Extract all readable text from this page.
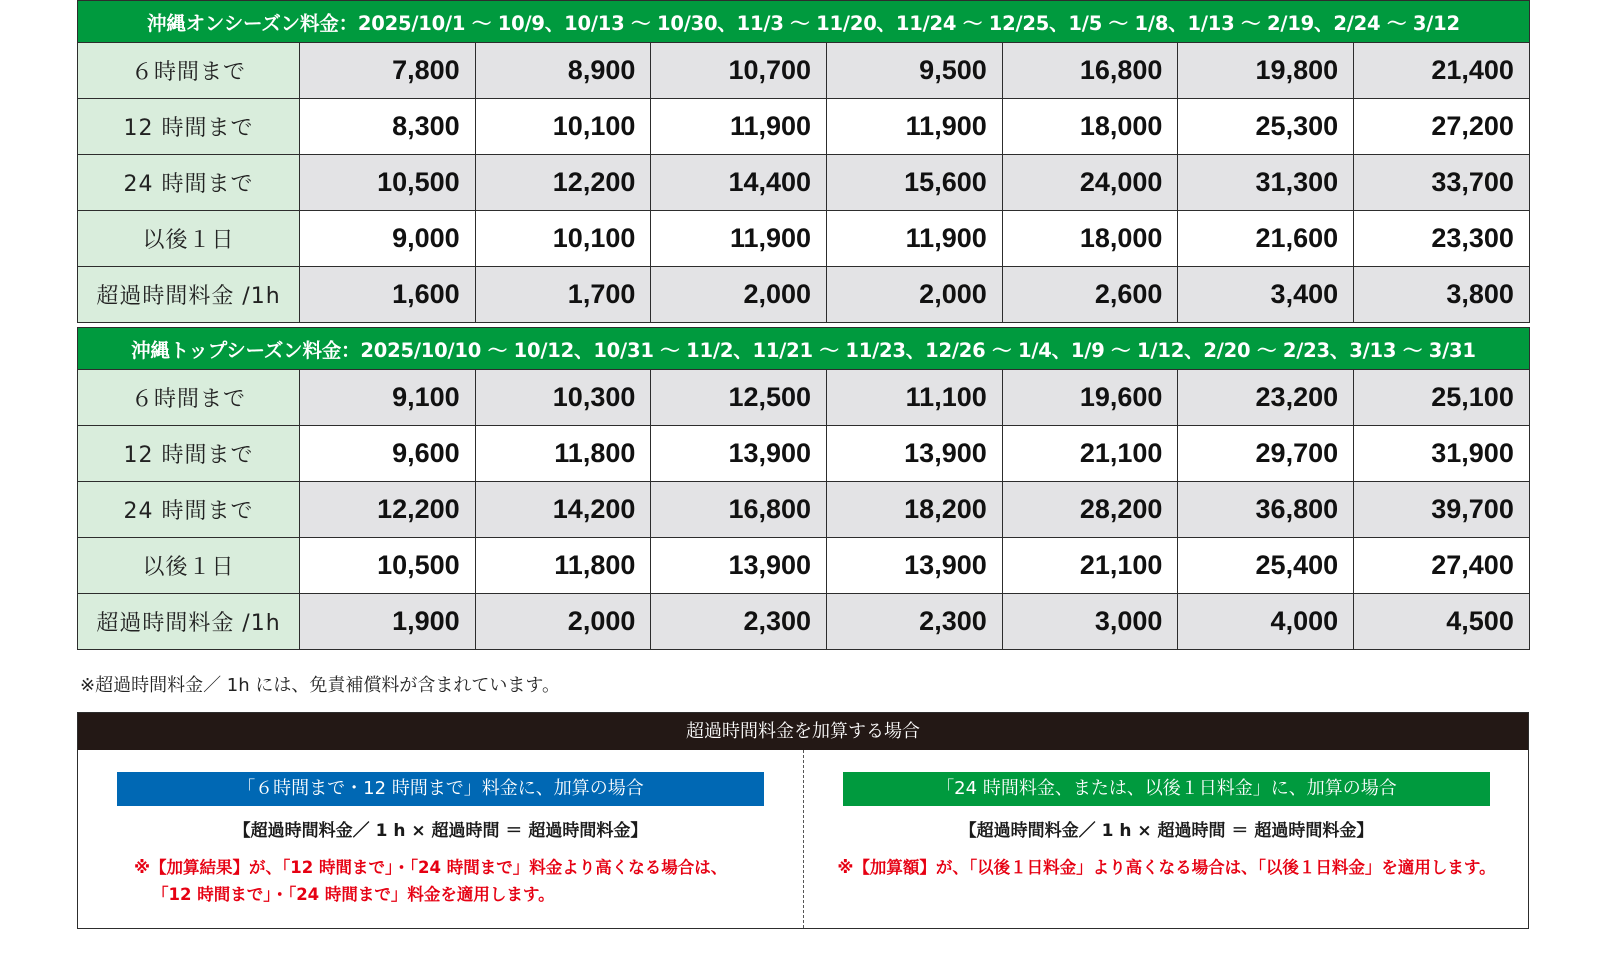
沖縄オンシーズン料金：2025/10/1 ～ 10/9、10/13 ～ 10/30、11/3 ～ 11/20、11/24 ～ 12/25、1/5 ～ 1/8、1/13 ～ 2/19、2/24 ～ 3/12							
６時間まで	7,800	8,900	10,700	9,500	16,800	19,800	21,400
12 時間まで	8,300	10,100	11,900	11,900	18,000	25,300	27,200
24 時間まで	10,500	12,200	14,400	15,600	24,000	31,300	33,700
以後１日	9,000	10,100	11,900	11,900	18,000	21,600	23,300
超過時間料金 /1h	1,600	1,700	2,000	2,000	2,600	3,400	3,800
沖縄トップシーズン料金：2025/10/10 ～ 10/12、10/31 ～ 11/2、11/21 ～ 11/23、12/26 ～ 1/4、1/9 ～ 1/12、2/20 ～ 2/23、3/13 ～ 3/31							
６時間まで	9,100	10,300	12,500	11,100	19,600	23,200	25,100
12 時間まで	9,600	11,800	13,900	13,900	21,100	29,700	31,900
24 時間まで	12,200	14,200	16,800	18,200	28,200	36,800	39,700
以後１日	10,500	11,800	13,900	13,900	21,100	25,400	27,400
超過時間料金 /1h	1,900	2,000	2,300	2,300	3,000	4,000	4,500
※超過時間料金／ 1h には、免責補償料が含まれています。
超過時間料金を加算する場合
「６時間まで・12 時間まで」料金に、加算の場合
【超過時間料金／ 1 h × 超過時間 ＝ 超過時間料金】
※【加算結果】が、「12 時間まで」・「24 時間まで」料金より高くなる場合は、
「12 時間まで」・「24 時間まで」料金を適用します。
「24 時間料金、または、以後１日料金」に、加算の場合
【超過時間料金／ 1 h × 超過時間 ＝ 超過時間料金】
※【加算額】が、「以後１日料金」より高くなる場合は、「以後１日料金」を適用します。
